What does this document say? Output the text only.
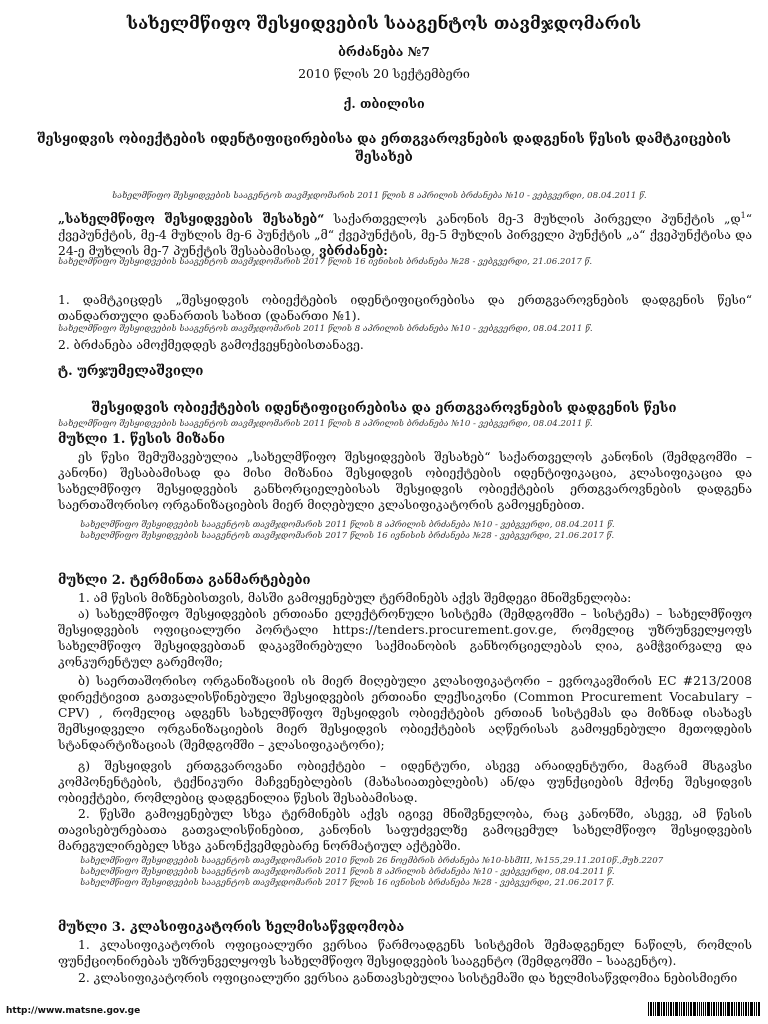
სახელმწიფო შესყიდვების სააგენტოს თავმჯდომარის
ბრძანება №7
2010 წლის 20 სექტემბერი
ქ. თბილისი
შესყიდვის ობიექტების იდენტიფიცირებისა და ერთგვაროვნების დადგენის წესის დამტკიცების
შესახებ
სახელმწიფო შესყიდვების სააგენტოს თავმჯდომარის 2011 წლის 8 აპრილის ბრძანება №10 - ვებგვერდი, 08.04.2011 წ.
„სახელმწიფო შესყიდვების შესახებ“ საქართველოს კანონის მე-3 მუხლის პირველი პუნქტის „დ$^1$“ ქვეპუნქტის, მე-4 მუხლის მე-6 პუნქტის „მ“ ქვეპუნქტის, მე-5 მუხლის პირველი პუნქტის „ა“ ქვეპუნქტისა და 24-ე მუხლის მე-7 პუნქტის შესაბამისად, ვბრძანებ:
სახელმწიფო შესყიდვების სააგენტოს თავმჯდომარის 2017 წლის 16 ივნისის ბრძანება №28 - ვებგვერდი, 21.06.2017 წ.
1. დამტკიცდეს „შესყიდვის ობიექტების იდენტიფიცირებისა და ერთგვაროვნების დადგენის წესი“ თანდართული დანართის სახით (დანართი №1).
სახელმწიფო შესყიდვების სააგენტოს თავმჯდომარის 2011 წლის 8 აპრილის ბრძანება №10 - ვებგვერდი, 08.04.2011 წ.
2. ბრძანება ამოქმედდეს გამოქვეყნებისთანავე.
ტ. ურჯუმელაშვილი
შესყიდვის ობიექტების იდენტიფიცირებისა და ერთგვაროვნების დადგენის წესი
სახელმწიფო შესყიდვების სააგენტოს თავმჯდომარის 2011 წლის 8 აპრილის ბრძანება №10 - ვებგვერდი, 08.04.2011 წ.
მუხლი 1. წესის მიზანი
ეს წესი შემუშავებულია „სახელმწიფო შესყიდვების შესახებ“ საქართველოს კანონის (შემდგომში – კანონი) შესაბამისად და მისი მიზანია შესყიდვის ობიექტების იდენტიფიკაცია, კლასიფიკაცია და სახელმწიფო შესყიდვების განხორციელებისას შესყიდვის ობიექტების ერთგვაროვნების დადგენა საერთაშორისო ორგანიზაციების მიერ მიღებული კლასიფიკატორის გამოყენებით.
სახელმწიფო შესყიდვების სააგენტოს თავმჯდომარის 2011 წლის 8 აპრილის ბრძანება №10 - ვებგვერდი, 08.04.2011 წ.
სახელმწიფო შესყიდვების სააგენტოს თავმჯდომარის 2017 წლის 16 ივნისის ბრძანება №28 - ვებგვერდი, 21.06.2017 წ.
მუხლი 2. ტერმინთა განმარტებები
1. ამ წესის მიზნებისთვის, მასში გამოყენებულ ტერმინებს აქვს შემდეგი მნიშვნელობა:
ა) სახელმწიფო შესყიდვების ერთიანი ელექტრონული სისტემა (შემდგომში – სისტემა) – სახელმწიფო შესყიდვების ოფიციალური პორტალი https://tenders.procurement.gov.ge, რომელიც უზრუნველყოფს სახელმწიფო შესყიდვებთან დაკავშირებული საქმიანობის განხორციელებას ღია, გამჭვირვალე და კონკურენტულ გარემოში;
ბ) საერთაშორისო ორგანიზაციის ის მიერ მიღებული კლასიფიკატორი – ევროკავშირის EC #213/2008 დირექტივით გათვალისწინებული შესყიდვების ერთიანი ლექსიკონი (Common Procurement Vocabulary – CPV) , რომელიც ადგენს სახელმწიფო შესყიდვის ობიექტების ერთიან სისტემას და მიზნად ისახავს შემსყიდველი ორგანიზაციების მიერ შესყიდვის ობიექტების აღწერისას გამოყენებული მეთოდების სტანდარტიზაციას (შემდგომში – კლასიფიკატორი);
გ) შესყიდვის ერთგვაროვანი ობიექტები – იდენტური, ასევე არაიდენტური, მაგრამ მსგავსი კომპონენტების, ტექნიკური მაჩვენებლების (მახასიათებლების) ან/და ფუნქციების მქონე შესყიდვის ობიექტები, რომლებიც დადგენილია წესის შესაბამისად.
2. წესში გამოყენებულ სხვა ტერმინებს აქვს იგივე მნიშვნელობა, რაც კანონში, ასევე, ამ წესის თავისებურებათა გათვალისწინებით, კანონის საფუძველზე გამოცემულ სახელმწიფო შესყიდვების მარეგულირებელ სხვა კანონქვემდებარე ნორმატიულ აქტებში.
სახელმწიფო შესყიდვების სააგენტოს თავმჯდომარის 2010 წლის 26 ნოემბრის ბრძანება №10-სსმIII, №155,29.11.2010წ.,მუხ.2207
სახელმწიფო შესყიდვების სააგენტოს თავმჯდომარის 2011 წლის 8 აპრილის ბრძანება №10 - ვებგვერდი, 08.04.2011 წ.
სახელმწიფო შესყიდვების სააგენტოს თავმჯდომარის 2017 წლის 16 ივნისის ბრძანება №28 - ვებგვერდი, 21.06.2017 წ.
მუხლი 3. კლასიფიკატორის ხელმისაწვდომობა
1. კლასიფიკატორის ოფიციალური ვერსია წარმოადგენს სისტემის შემადგენელ ნაწილს, რომლის ფუნქციონირებას უზრუნველყოფს სახელმწიფო შესყიდვების სააგენტო (შემდგომში – სააგენტო).
2. კლასიფიკატორის ოფიციალური ვერსია განთავსებულია სისტემაში და ხელმისაწვდომია ნებისმიერი
http://www.matsne.gov.ge
